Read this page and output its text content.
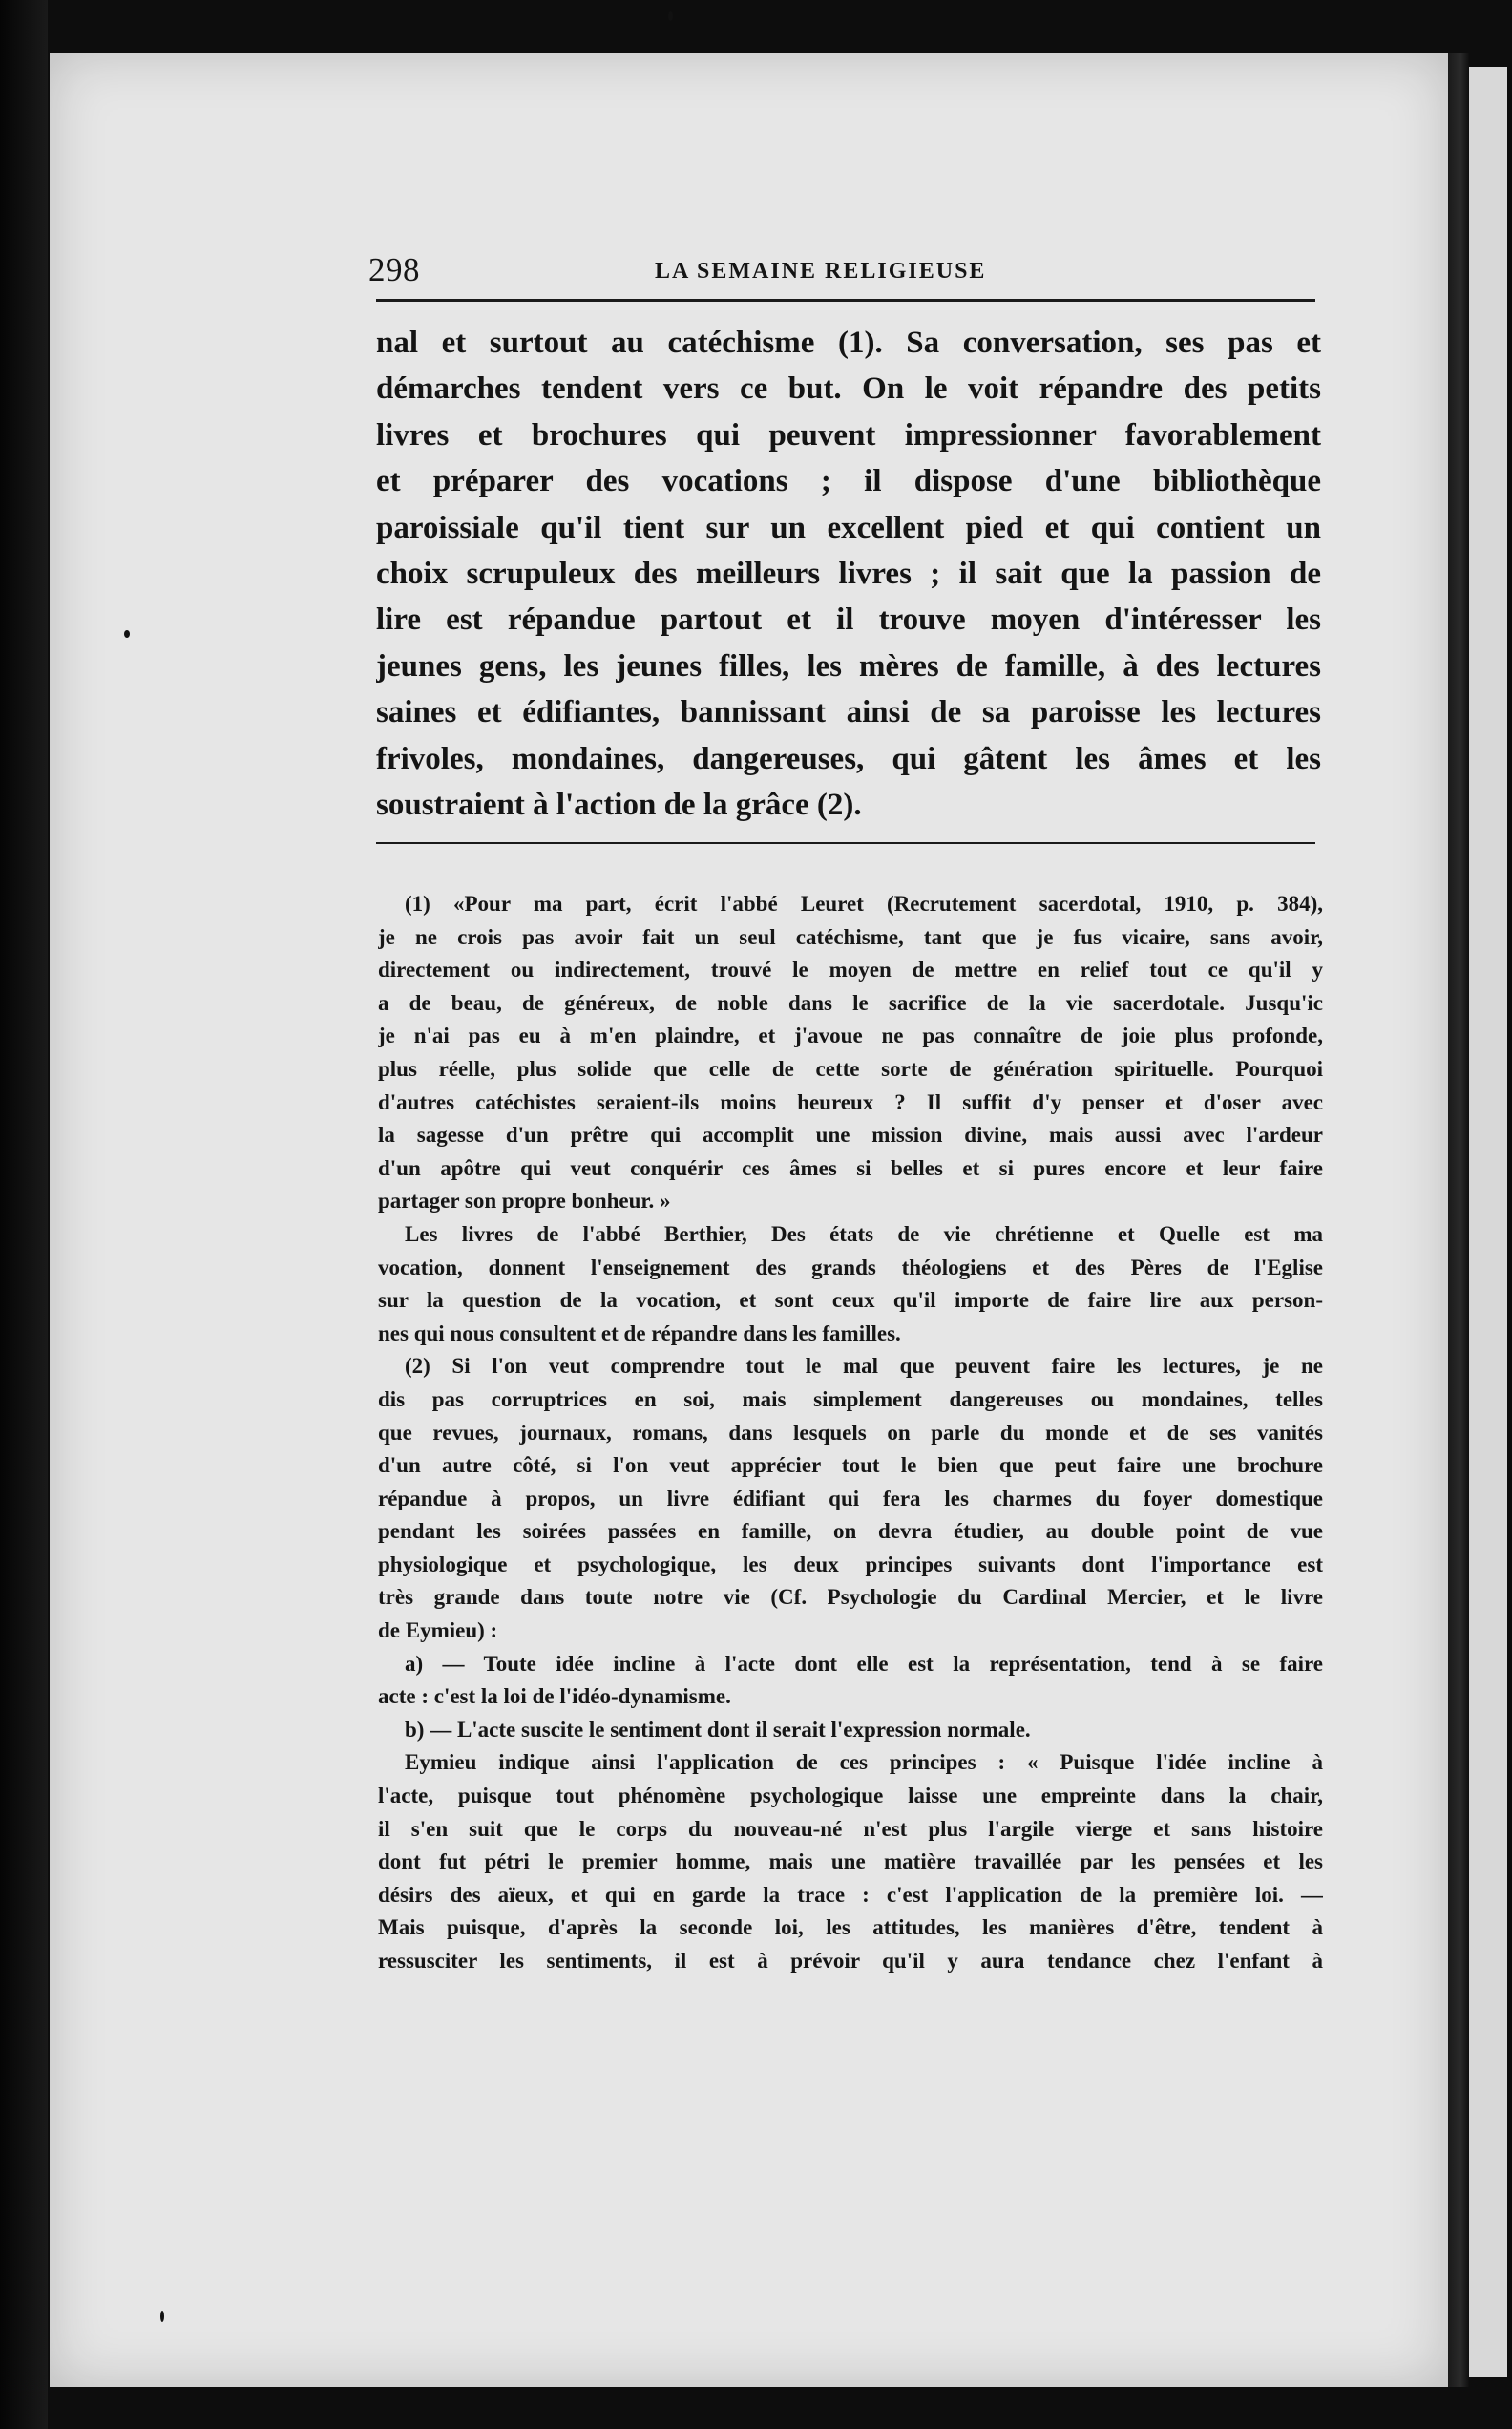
298	LA SEMAINE RELIGIEUSE
nal et surtout au catéchisme (1). Sa conversation, ses pas et
démarches tendent vers ce but. On le voit répandre des petits
livres et brochures qui peuvent impressionner favorablement
et préparer des vocations ; il dispose d'une bibliothèque
paroissiale qu'il tient sur un excellent pied et qui contient un
choix scrupuleux des meilleurs livres ; il sait que la passion de
lire est répandue partout et il trouve moyen d'intéresser les
jeunes gens, les jeunes filles, les mères de famille, à des lectures
saines et édifiantes, bannissant ainsi de sa paroisse les lectures
frivoles, mondaines, dangereuses, qui gâtent les âmes et les
soustraient à l'action de la grâce (2).
(1) «Pour ma part, écrit l'abbé Leuret (Recrutement sacerdotal, 1910, p. 384),
je ne crois pas avoir fait un seul catéchisme, tant que je fus vicaire, sans avoir,
directement ou indirectement, trouvé le moyen de mettre en relief tout ce qu'il y
a de beau, de généreux, de noble dans le sacrifice de la vie sacerdotale. Jusqu'ic
je n'ai pas eu à m'en plaindre, et j'avoue ne pas connaître de joie plus profonde,
plus réelle, plus solide que celle de cette sorte de génération spirituelle. Pourquoi
d'autres catéchistes seraient-ils moins heureux ? Il suffit d'y penser et d'oser avec
la sagesse d'un prêtre qui accomplit une mission divine, mais aussi avec l'ardeur
d'un apôtre qui veut conquérir ces âmes si belles et si pures encore et leur faire
partager son propre bonheur. »
Les livres de l'abbé Berthier, Des états de vie chrétienne et Quelle est ma
vocation, donnent l'enseignement des grands théologiens et des Pères de l'Eglise
sur la question de la vocation, et sont ceux qu'il importe de faire lire aux person-
nes qui nous consultent et de répandre dans les familles.
(2) Si l'on veut comprendre tout le mal que peuvent faire les lectures, je ne
dis pas corruptrices en soi, mais simplement dangereuses ou mondaines, telles
que revues, journaux, romans, dans lesquels on parle du monde et de ses vanités
d'un autre côté, si l'on veut apprécier tout le bien que peut faire une brochure
répandue à propos, un livre édifiant qui fera les charmes du foyer domestique
pendant les soirées passées en famille, on devra étudier, au double point de vue
physiologique et psychologique, les deux principes suivants dont l'importance est
très grande dans toute notre vie (Cf. Psychologie du Cardinal Mercier, et le livre
de Eymieu) :
a) — Toute idée incline à l'acte dont elle est la représentation, tend à se faire
acte : c'est la loi de l'idéo-dynamisme.
b) — L'acte suscite le sentiment dont il serait l'expression normale.
Eymieu indique ainsi l'application de ces principes : « Puisque l'idée incline à
l'acte, puisque tout phénomène psychologique laisse une empreinte dans la chair,
il s'en suit que le corps du nouveau-né n'est plus l'argile vierge et sans histoire
dont fut pétri le premier homme, mais une matière travaillée par les pensées et les
désirs des aïeux, et qui en garde la trace : c'est l'application de la première loi. —
Mais puisque, d'après la seconde loi, les attitudes, les manières d'être, tendent à
ressusciter les sentiments, il est à prévoir qu'il y aura tendance chez l'enfant à
